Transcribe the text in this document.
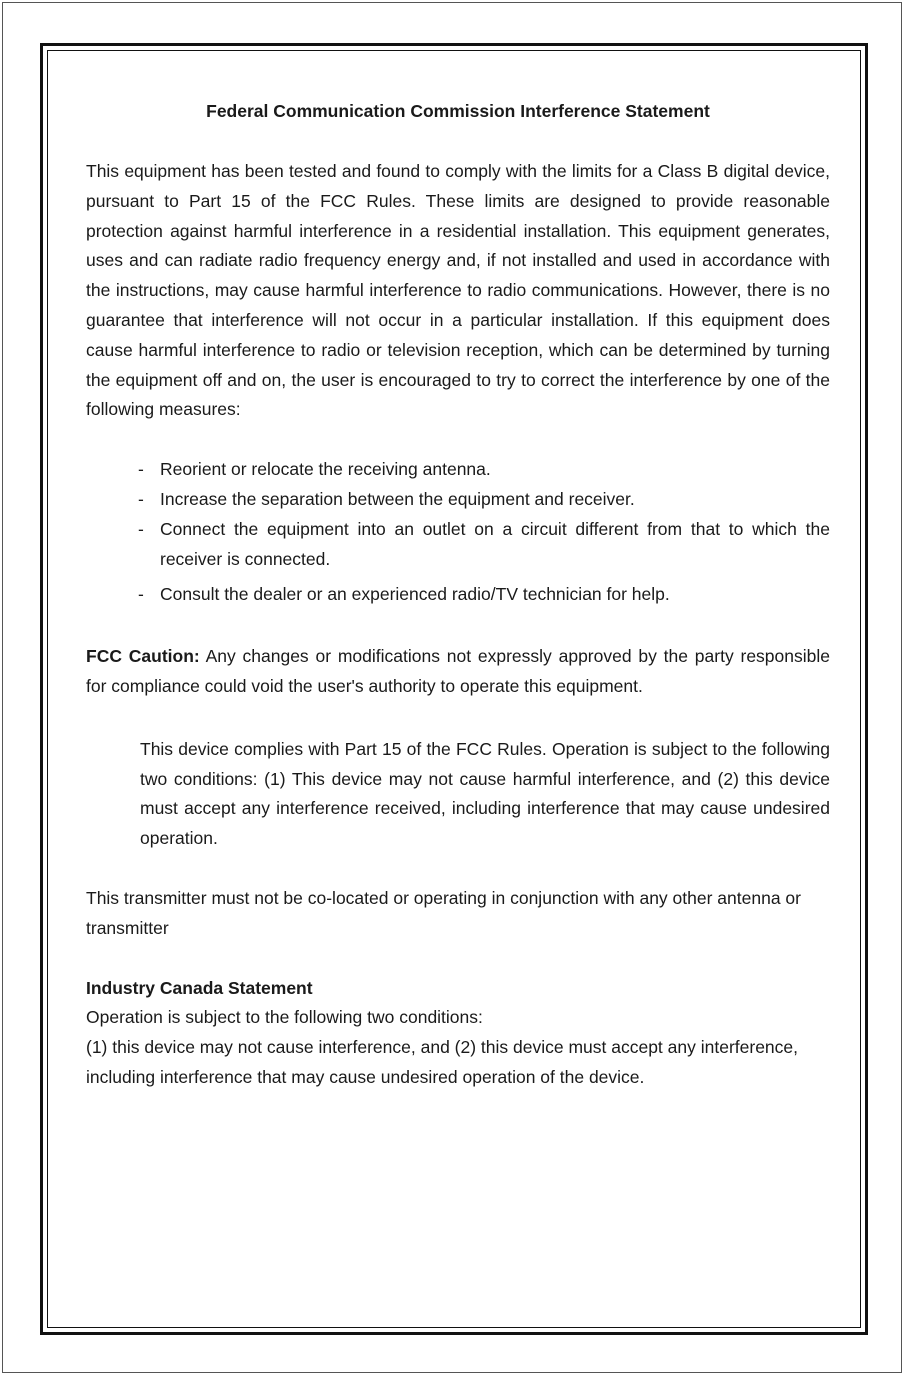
Federal Communication Commission Interference Statement

This equipment has been tested and found to comply with the limits for a Class B digital device, pursuant to Part 15 of the FCC Rules. These limits are designed to provide reasonable protection against harmful interference in a residential installation. This equipment generates, uses and can radiate radio frequency energy and, if not installed and used in accordance with the instructions, may cause harmful interference to radio communications. However, there is no guarantee that interference will not occur in a particular installation. If this equipment does cause harmful interference to radio or television reception, which can be determined by turning the equipment off and on, the user is encouraged to try to correct the interference by one of the following measures:

- Reorient or relocate the receiving antenna.
- Increase the separation between the equipment and receiver.
- Connect the equipment into an outlet on a circuit different from that to which the receiver is connected.
- Consult the dealer or an experienced radio/TV technician for help.

FCC Caution: Any changes or modifications not expressly approved by the party responsible for compliance could void the user's authority to operate this equipment.

This device complies with Part 15 of the FCC Rules. Operation is subject to the following two conditions: (1) This device may not cause harmful interference, and (2) this device must accept any interference received, including interference that may cause undesired operation.

This transmitter must not be co-located or operating in conjunction with any other antenna or transmitter

Industry Canada Statement

Operation is subject to the following two conditions:

(1) this device may not cause interference, and (2) this device must accept any interference, including interference that may cause undesired operation of the device.
